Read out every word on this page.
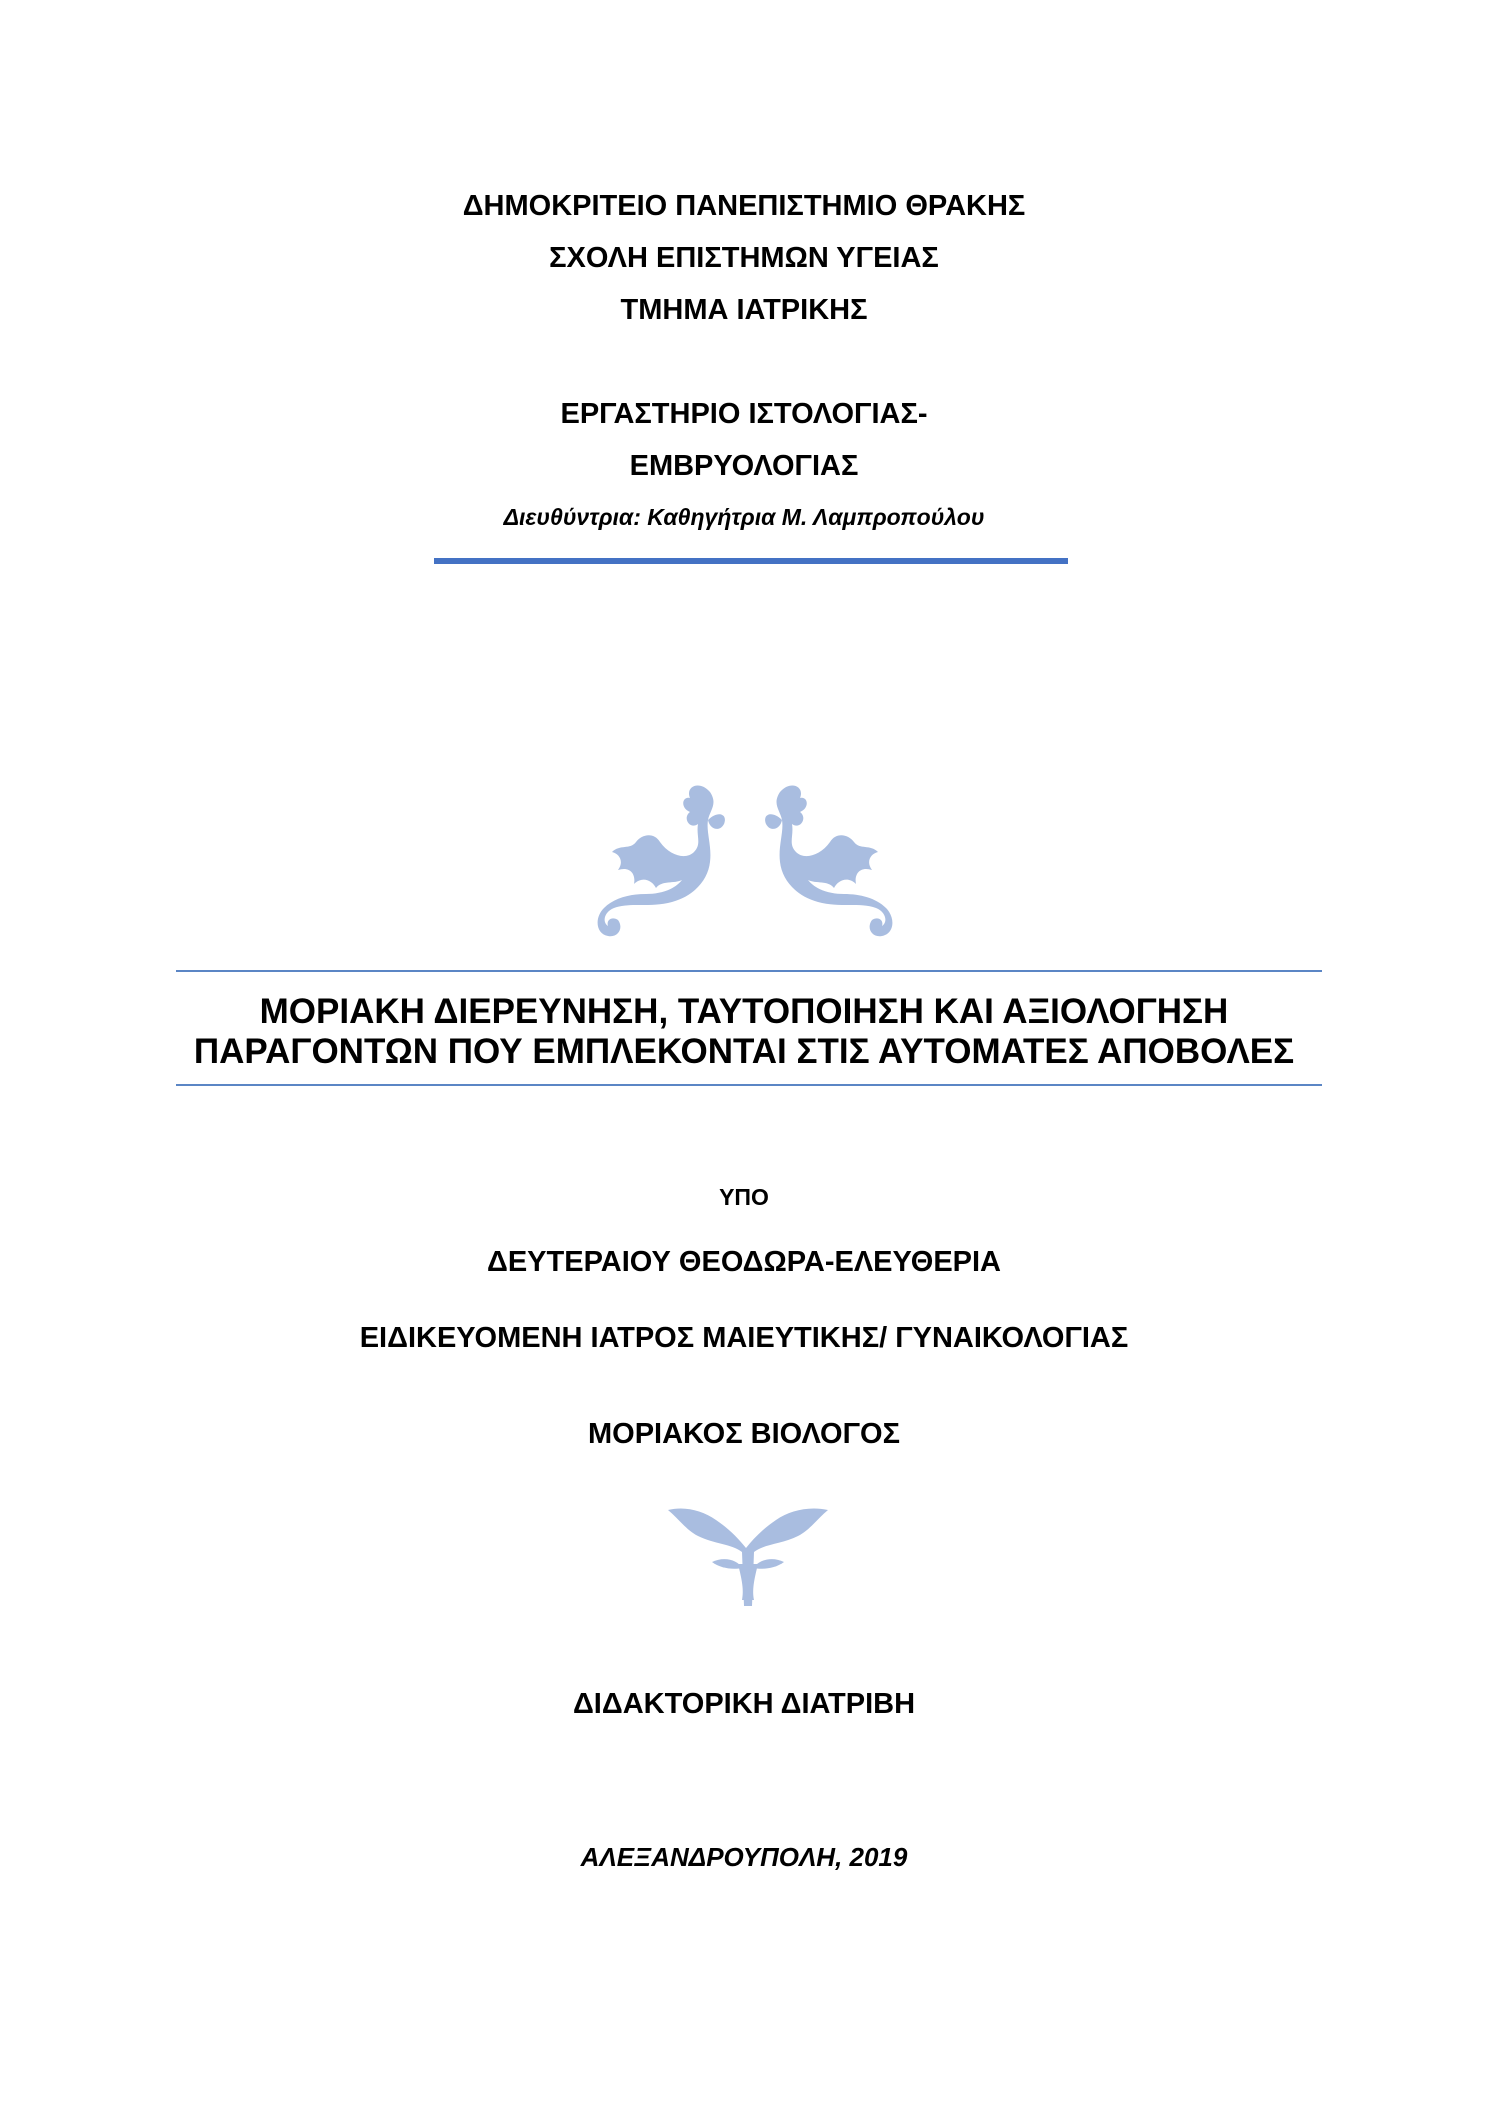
ΔΗΜΟΚΡΙΤΕΙΟ ΠΑΝΕΠΙΣΤΗΜΙΟ ΘΡΑΚΗΣ
ΣΧΟΛΗ ΕΠΙΣΤΗΜΩΝ ΥΓΕΙΑΣ
ΤΜΗΜΑ ΙΑΤΡΙΚΗΣ
ΕΡΓΑΣΤΗΡΙΟ ΙΣΤΟΛΟΓΙΑΣ-
ΕΜΒΡΥΟΛΟΓΙΑΣ
Διευθύντρια: Καθηγήτρια Μ. Λαμπροπούλου
ΜΟΡΙΑΚΗ ΔΙΕΡΕΥΝΗΣΗ, ΤΑΥΤΟΠΟΙΗΣΗ ΚΑΙ ΑΞΙΟΛΟΓΗΣΗ
ΠΑΡΑΓΟΝΤΩΝ ΠΟΥ ΕΜΠΛΕΚΟΝΤΑΙ ΣΤΙΣ ΑΥΤΟΜΑΤΕΣ ΑΠΟΒΟΛΕΣ
ΥΠΟ
ΔΕΥΤΕΡΑΙΟΥ ΘΕΟΔΩΡΑ-ΕΛΕΥΘΕΡΙΑ
ΕΙΔΙΚΕΥΟΜΕΝΗ ΙΑΤΡΟΣ ΜΑΙΕΥΤΙΚΗΣ/ ΓΥΝΑΙΚΟΛΟΓΙΑΣ
ΜΟΡΙΑΚΟΣ ΒΙΟΛΟΓΟΣ
ΔΙΔΑΚΤΟΡΙΚΗ ΔΙΑΤΡΙΒΗ
ΑΛΕΞΑΝΔΡΟΥΠΟΛΗ, 2019
